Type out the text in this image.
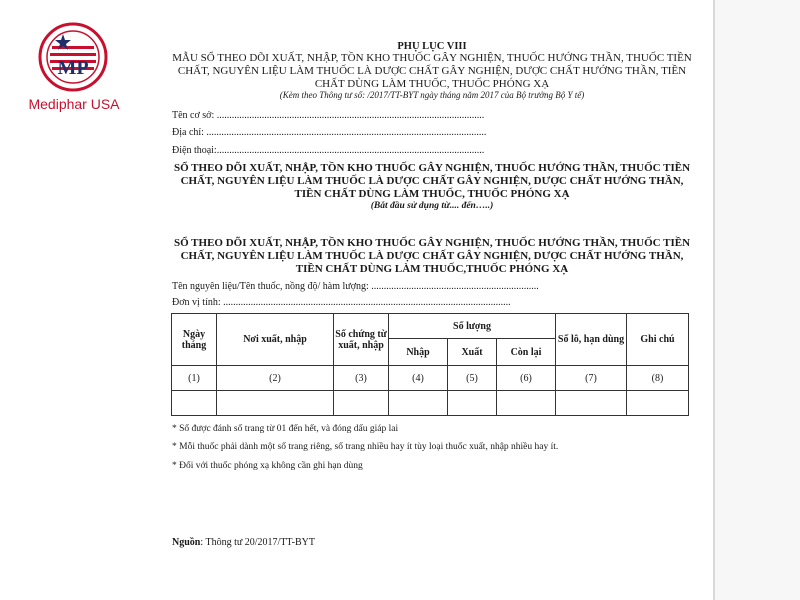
MP
Mediphar USA
PHỤ LỤC VIII
MẪU SỔ THEO DÕI XUẤT, NHẬP, TỒN KHO THUỐC GÂY NGHIỆN, THUỐC HƯỚNG THẦN, THUỐC TIỀN CHẤT, NGUYÊN LIỆU LÀM THUỐC LÀ DƯỢC CHẤT GÂY NGHIỆN, DƯỢC CHẤT HƯỚNG THẦN, TIỀN CHẤT DÙNG LÀM THUỐC, THUỐC PHÓNG XẠ
(Kèm theo Thông tư số: /2017/TT-BYT ngày tháng năm 2017 của Bộ trưởng Bộ Y tế)
Tên cơ sở: ...........................................................................................................
Địa chỉ: ................................................................................................................
Điện thoại:...........................................................................................................
SỔ THEO DÕI XUẤT, NHẬP, TỒN KHO THUỐC GÂY NGHIỆN, THUỐC HƯỚNG THẦN, THUỐC TIỀN CHẤT, NGUYÊN LIỆU LÀM THUỐC LÀ DƯỢC CHẤT GÂY NGHIỆN, DƯỢC CHẤT HƯỚNG THẦN, TIỀN CHẤT DÙNG LÀM THUỐC, THUỐC PHÓNG XẠ
(Bắt đầu sử dụng từ.... đến…..)
SỔ THEO DÕI XUẤT, NHẬP, TỒN KHO THUỐC GÂY NGHIỆN, THUỐC HƯỚNG THẦN, THUỐC TIỀN CHẤT, NGUYÊN LIỆU LÀM THUỐC LÀ DƯỢC CHẤT GÂY NGHIỆN, DƯỢC CHẤT HƯỚNG THẦN, TIỀN CHẤT DÙNG LÀM THUỐC,THUỐC PHÓNG XẠ
Tên nguyên liệu/Tên thuốc, nồng độ/ hàm lượng: ...................................................................
Đơn vị tính: ...................................................................................................................
Ngày tháng	Nơi xuất, nhập	Số chứng từ xuất, nhập	Số lượng			Số lô, hạn dùng	Ghi chú
			Nhập	Xuất	Còn lại		
(1)	(2)	(3)	(4)	(5)	(6)	(7)	(8)

* Sổ được đánh số trang từ 01 đến hết, và đóng dấu giáp lai
* Mỗi thuốc phải dành một số trang riêng, số trang nhiều hay ít tùy loại thuốc xuất, nhập nhiều hay ít.
* Đối với thuốc phóng xạ không cần ghi hạn dùng
Nguồn: Thông tư 20/2017/TT-BYT
